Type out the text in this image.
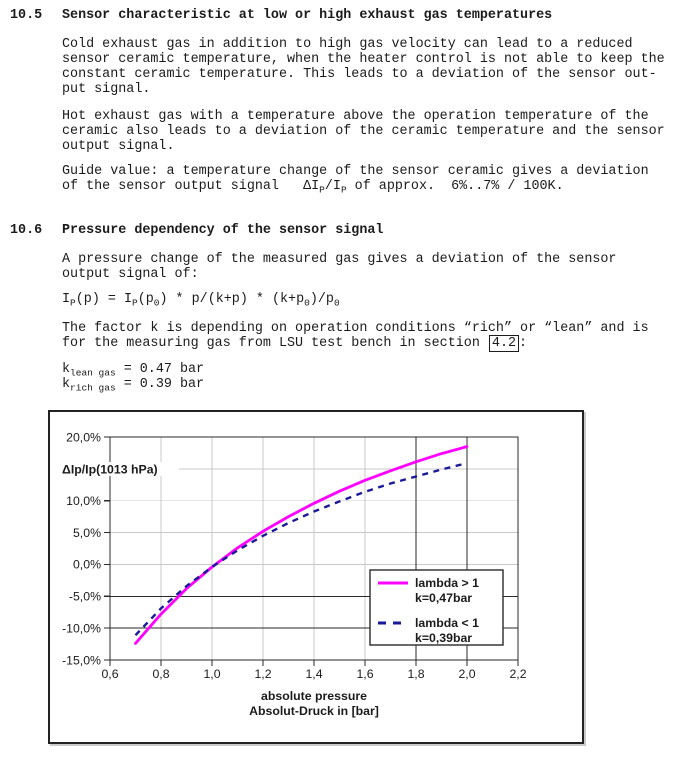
10.5	Sensor characteristic at low or high exhaust gas temperatures
Cold exhaust gas in addition to high gas velocity can lead to a reduced
sensor ceramic temperature, when the heater control is not able to keep the
constant ceramic temperature. This leads to a deviation of the sensor out-
put signal.
Hot exhaust gas with a temperature above the operation temperature of the
ceramic also leads to a deviation of the ceramic temperature and the sensor
output signal.
Guide value: a temperature change of the sensor ceramic gives a deviation
of the sensor output signal   $\Delta I_P/I_P$ of approx.  6%..7% / 100K.
10.6	Pressure dependency of the sensor signal
A pressure change of the measured gas gives a deviation of the sensor
output signal of:
$I_P(p) = I_P(p_0) * p/(k+p) * (k+p_0)/p_0$
The factor k is depending on operation conditions “rich” or “lean” and is
for the measuring gas from LSU test bench in section 4.2 :
$k_{lean gas} = 0.47$ bar
$k_{rich gas} = 0.39$ bar
ΔIp/Ip(1013 hPa)
20,0%
10,0%
5,0%
0,0%
-5,0%
-10,0%
-15,0%
0,6	0,8	1,0	1,2	1,4	1,6	1,8	2,0	2,2
absolute pressure
Absolut-Druck in [bar]
lambda > 1
k=0,47bar
lambda < 1
k=0,39bar
